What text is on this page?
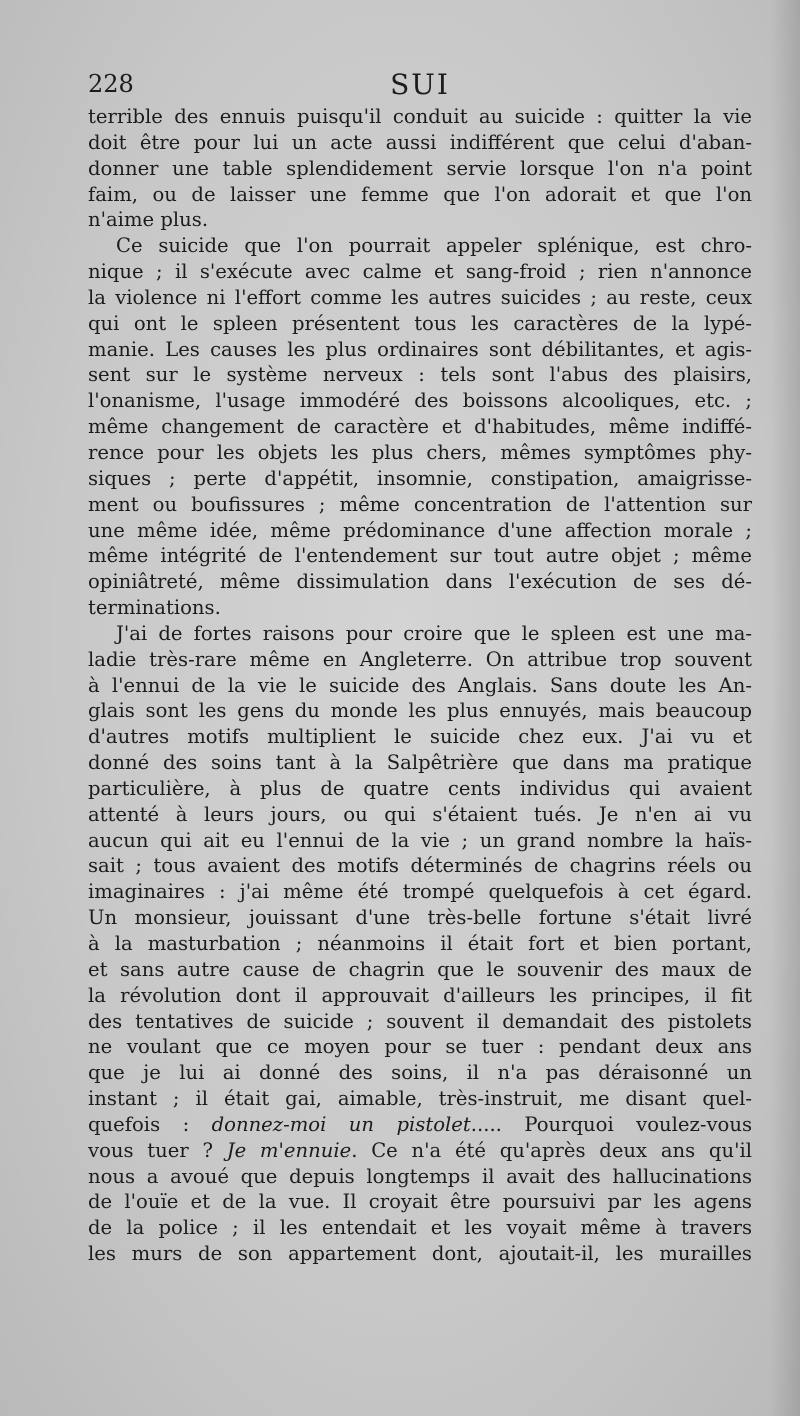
228	SUI

terrible des ennuis puisqu'il conduit au suicide : quitter la vie
doit être pour lui un acte aussi indifférent que celui d'aban-
donner une table splendidement servie lorsque l'on n'a point
faim, ou de laisser une femme que l'on adorait et que l'on
n'aime plus.

Ce suicide que l'on pourrait appeler splénique, est chro-
nique ; il s'exécute avec calme et sang-froid ; rien n'annonce
la violence ni l'effort comme les autres suicides ; au reste, ceux
qui ont le spleen présentent tous les caractères de la lypé-
manie. Les causes les plus ordinaires sont débilitantes, et agis-
sent sur le système nerveux : tels sont l'abus des plaisirs,
l'onanisme, l'usage immodéré des boissons alcooliques, etc. ;
même changement de caractère et d'habitudes, même indiffé-
rence pour les objets les plus chers, mêmes symptômes phy-
siques ; perte d'appétit, insomnie, constipation, amaigrisse-
ment ou boufissures ; même concentration de l'attention sur
une même idée, même prédominance d'une affection morale ;
même intégrité de l'entendement sur tout autre objet ; même
opiniâtreté, même dissimulation dans l'exécution de ses dé-
terminations.

J'ai de fortes raisons pour croire que le spleen est une ma-
ladie très-rare même en Angleterre. On attribue trop souvent
à l'ennui de la vie le suicide des Anglais. Sans doute les An-
glais sont les gens du monde les plus ennuyés, mais beaucoup
d'autres motifs multiplient le suicide chez eux. J'ai vu et
donné des soins tant à la Salpêtrière que dans ma pratique
particulière, à plus de quatre cents individus qui avaient
attenté à leurs jours, ou qui s'étaient tués. Je n'en ai vu
aucun qui ait eu l'ennui de la vie ; un grand nombre la haïs-
sait ; tous avaient des motifs déterminés de chagrins réels ou
imaginaires : j'ai même été trompé quelquefois à cet égard.
Un monsieur, jouissant d'une très-belle fortune s'était livré
à la masturbation ; néanmoins il était fort et bien portant,
et sans autre cause de chagrin que le souvenir des maux de
la révolution dont il approuvait d'ailleurs les principes, il fit
des tentatives de suicide ; souvent il demandait des pistolets
ne voulant que ce moyen pour se tuer : pendant deux ans
que je lui ai donné des soins, il n'a pas déraisonné un
instant ; il était gai, aimable, très-instruit, me disant quel-
quefois : donnez-moi un pistolet..... Pourquoi voulez-vous
vous tuer ? Je m'ennuie. Ce n'a été qu'après deux ans qu'il
nous a avoué que depuis longtemps il avait des hallucinations
de l'ouïe et de la vue. Il croyait être poursuivi par les agens
de la police ; il les entendait et les voyait même à travers
les murs de son appartement dont, ajoutait-il, les murailles
